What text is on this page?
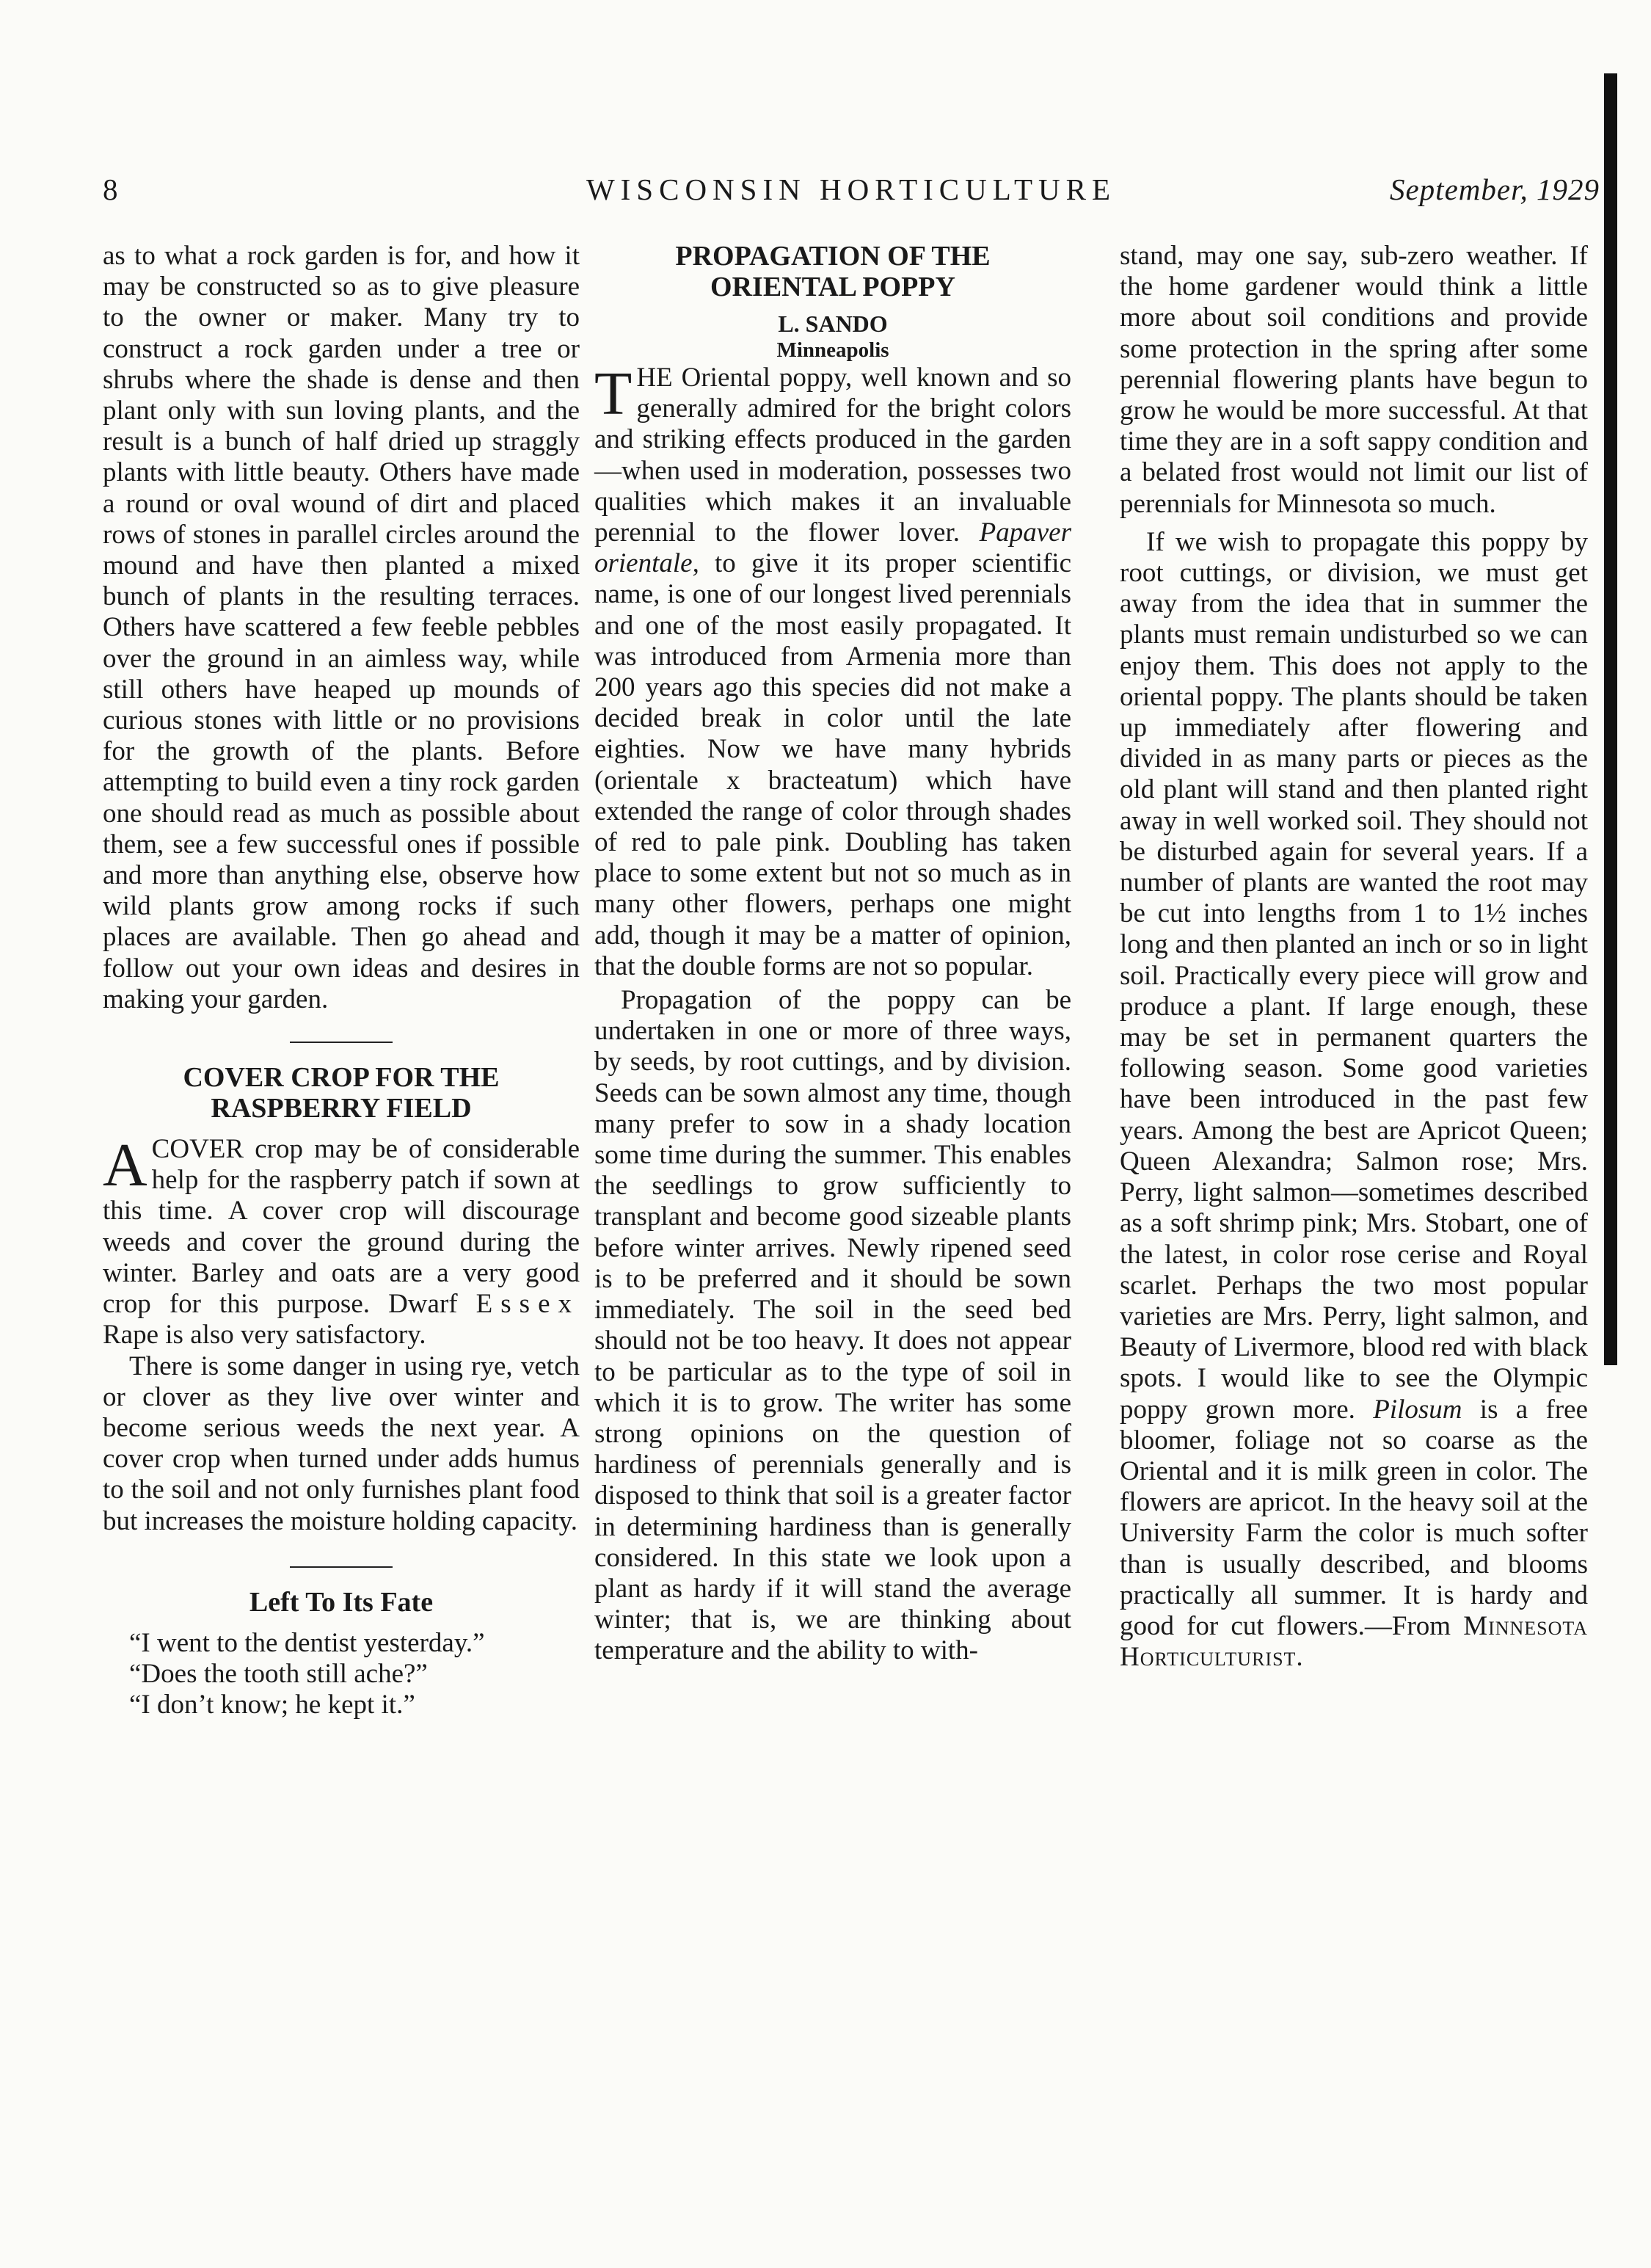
8	WISCONSIN HORTICULTURE	September, 1929

as to what a rock garden is for, and how it may be constructed so as to give pleasure to the owner or maker. Many try to construct a rock garden under a tree or shrubs where the shade is dense and then plant only with sun loving plants, and the result is a bunch of half dried up straggly plants with little beauty. Others have made a round or oval wound of dirt and placed rows of stones in parallel circles around the mound and have then planted a mixed bunch of plants in the resulting terraces. Others have scattered a few feeble pebbles over the ground in an aimless way, while still others have heaped up mounds of curious stones with little or no provisions for the growth of the plants. Before attempting to build even a tiny rock garden one should read as much as possible about them, see a few successful ones if possible and more than anything else, observe how wild plants grow among rocks if such places are available. Then go ahead and follow out your own ideas and desires in making your garden.

COVER CROP FOR THE
RASPBERRY FIELD

ACOVER crop may be of considerable help for the raspberry patch if sown at this time. A cover crop will discourage weeds and cover the ground during the winter. Barley and oats are a very good crop for this purpose. Dwarf Essex Rape is also very satisfactory.

There is some danger in using rye, vetch or clover as they live over winter and become serious weeds the next year. A cover crop when turned under adds humus to the soil and not only furnishes plant food but increases the moisture holding capacity.

Left To Its Fate

“I went to the dentist yesterday.”

“Does the tooth still ache?”

“I don’t know; he kept it.”

PROPAGATION OF THE
ORIENTAL POPPY

L. SANDO

Minneapolis

THE Oriental poppy, well known and so generally admired for the bright colors and striking effects produced in the garden—when used in moderation, possesses two qualities which makes it an invaluable perennial to the flower lover. Papaver orientale, to give it its proper scientific name, is one of our longest lived perennials and one of the most easily propagated. It was introduced from Armenia more than 200 years ago this species did not make a decided break in color until the late eighties. Now we have many hybrids (orientale x bracteatum) which have extended the range of color through shades of red to pale pink. Doubling has taken place to some extent but not so much as in many other flowers, perhaps one might add, though it may be a matter of opinion, that the double forms are not so popular.

Propagation of the poppy can be undertaken in one or more of three ways, by seeds, by root cuttings, and by division. Seeds can be sown almost any time, though many prefer to sow in a shady location some time during the summer. This enables the seedlings to grow sufficiently to transplant and become good sizeable plants before winter arrives. Newly ripened seed is to be preferred and it should be sown immediately. The soil in the seed bed should not be too heavy. It does not appear to be particular as to the type of soil in which it is to grow. The writer has some strong opinions on the question of hardiness of perennials generally and is disposed to think that soil is a greater factor in determining hardiness than is generally considered. In this state we look upon a plant as hardy if it will stand the average winter; that is, we are thinking about temperature and the ability to with-

stand, may one say, sub-zero weather. If the home gardener would think a little more about soil conditions and provide some protection in the spring after some perennial flowering plants have begun to grow he would be more successful. At that time they are in a soft sappy condition and a belated frost would not limit our list of perennials for Minnesota so much.

If we wish to propagate this poppy by root cuttings, or division, we must get away from the idea that in summer the plants must remain undisturbed so we can enjoy them. This does not apply to the oriental poppy. The plants should be taken up immediately after flowering and divided in as many parts or pieces as the old plant will stand and then planted right away in well worked soil. They should not be disturbed again for several years. If a number of plants are wanted the root may be cut into lengths from 1 to 1½ inches long and then planted an inch or so in light soil. Practically every piece will grow and produce a plant. If large enough, these may be set in permanent quarters the following season. Some good varieties have been introduced in the past few years. Among the best are Apricot Queen; Queen Alexandra; Salmon rose; Mrs. Perry, light salmon—sometimes described as a soft shrimp pink; Mrs. Stobart, one of the latest, in color rose cerise and Royal scarlet. Perhaps the two most popular varieties are Mrs. Perry, light salmon, and Beauty of Livermore, blood red with black spots. I would like to see the Olympic poppy grown more. Pilosum is a free bloomer, foliage not so coarse as the Oriental and it is milk green in color. The flowers are apricot. In the heavy soil at the University Farm the color is much softer than is usually described, and blooms practically all summer. It is hardy and good for cut flowers.—From Minnesota Horticulturist.
